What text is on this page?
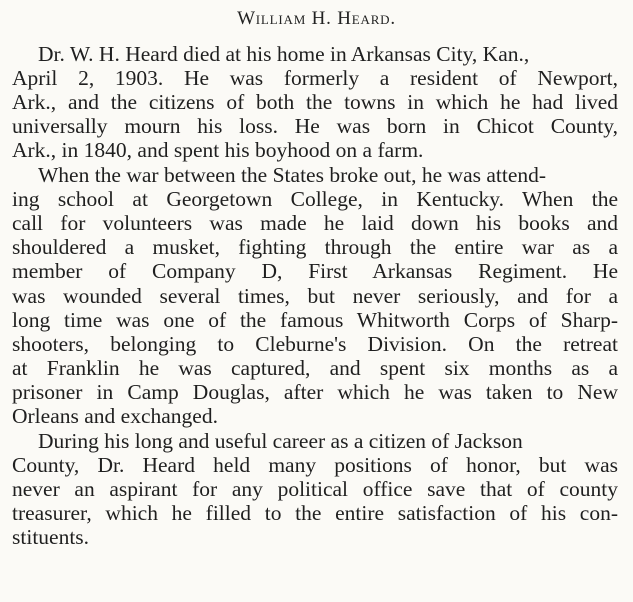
William H. Heard.
Dr. W. H. Heard died at his home in Arkansas City, Kan.,
April 2, 1903. He was formerly a resident of Newport,
Ark., and the citizens of both the towns in which he had lived
universally mourn his loss. He was born in Chicot County,
Ark., in 1840, and spent his boyhood on a farm.
When the war between the States broke out, he was attend-
ing school at Georgetown College, in Kentucky. When the
call for volunteers was made he laid down his books and
shouldered a musket, fighting through the entire war as a
member of Company D, First Arkansas Regiment. He
was wounded several times, but never seriously, and for a
long time was one of the famous Whitworth Corps of Sharp-
shooters, belonging to Cleburne's Division. On the retreat
at Franklin he was captured, and spent six months as a
prisoner in Camp Douglas, after which he was taken to New
Orleans and exchanged.
During his long and useful career as a citizen of Jackson
County, Dr. Heard held many positions of honor, but was
never an aspirant for any political office save that of county
treasurer, which he filled to the entire satisfaction of his con-
stituents.
